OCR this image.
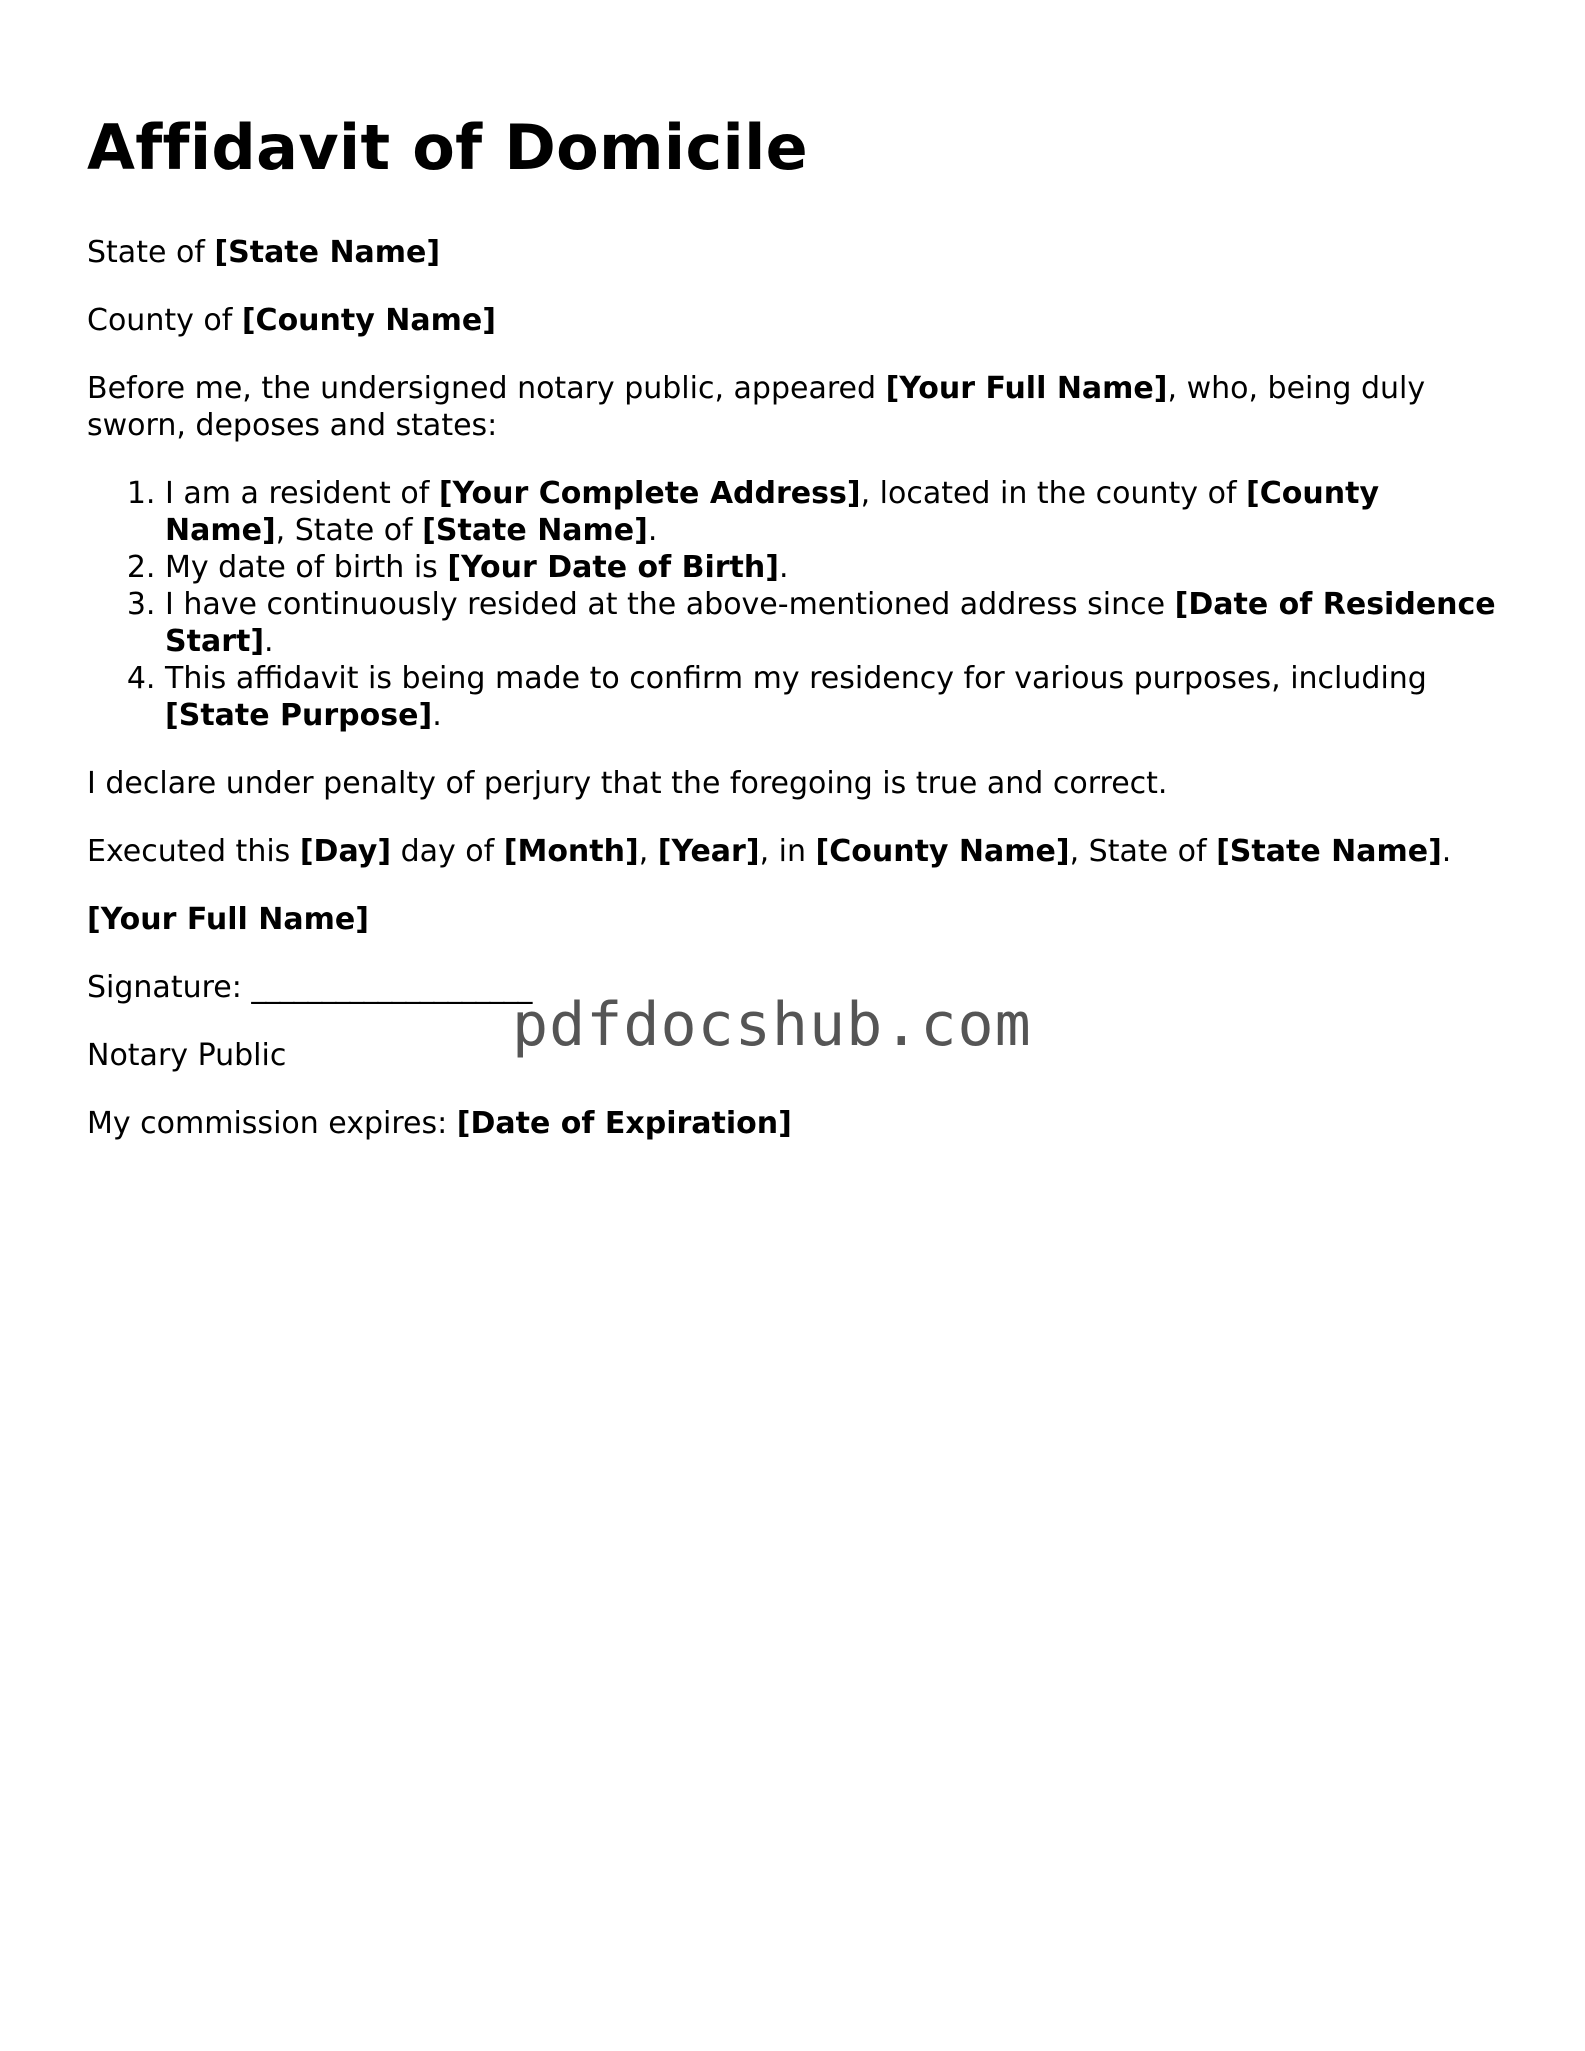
Affidavit of Domicile

State of [State Name]

County of [County Name]

Before me, the undersigned notary public, appeared [Your Full Name], who, being duly sworn, deposes and states:

1. I am a resident of [Your Complete Address], located in the county of [County Name], State of [State Name].
2. My date of birth is [Your Date of Birth].
3. I have continuously resided at the above-mentioned address since [Date of Residence Start].
4. This affidavit is being made to confirm my residency for various purposes, including [State Purpose].

I declare under penalty of perjury that the foregoing is true and correct.

Executed this [Day] day of [Month], [Year], in [County Name], State of [State Name].

[Your Full Name]

Signature: ____________________

Notary Public

My commission expires: [Date of Expiration]

pdfdocshub.com
